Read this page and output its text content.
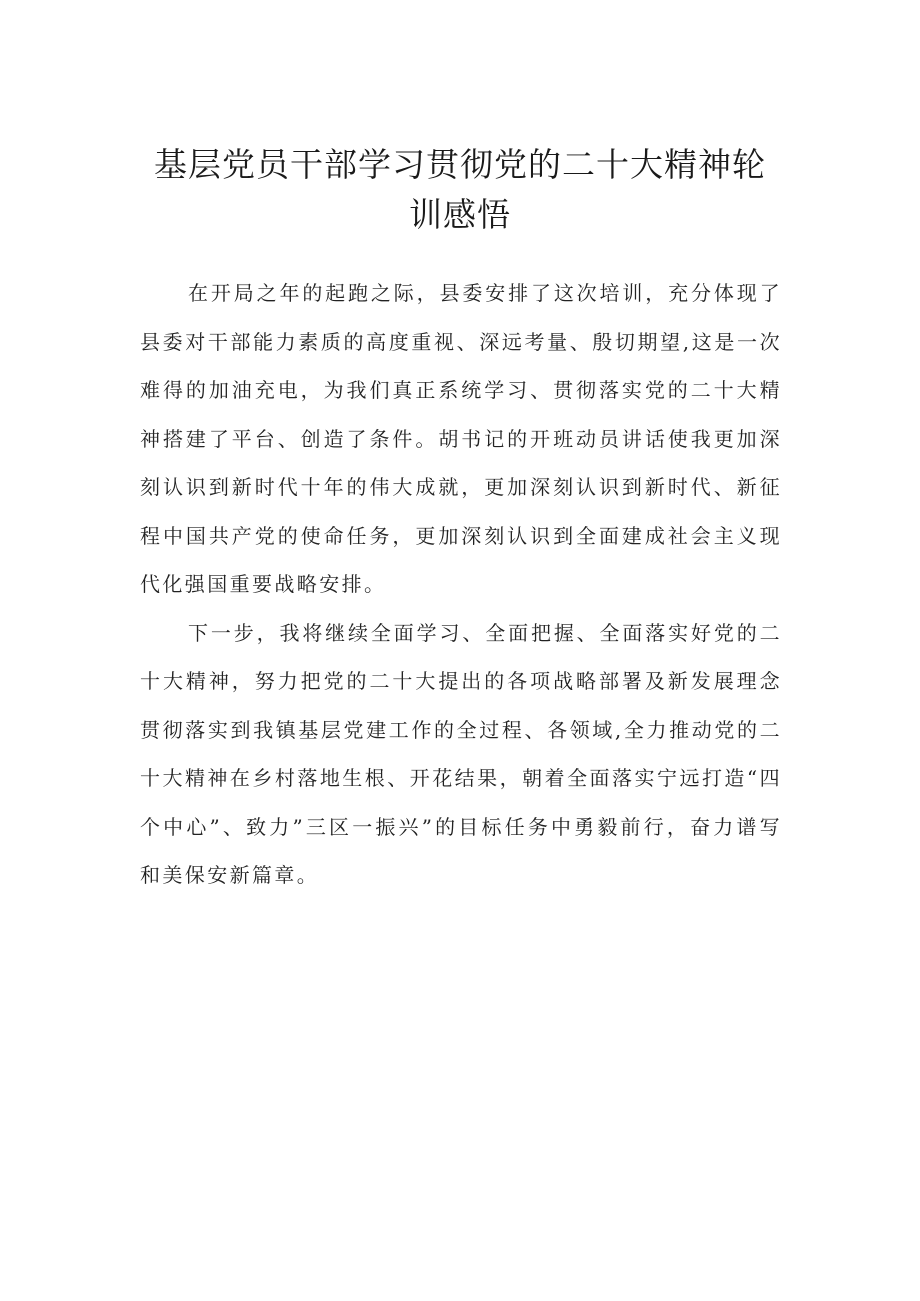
基层党员干部学习贯彻党的二十大精神轮训感悟

在开局之年的起跑之际，县委安排了这次培训，充分体现了县委对干部能力素质的高度重视、深远考量、殷切期望,这是一次难得的加油充电，为我们真正系统学习、贯彻落实党的二十大精神搭建了平台、创造了条件。胡书记的开班动员讲话使我更加深刻认识到新时代十年的伟大成就，更加深刻认识到新时代、新征程中国共产党的使命任务，更加深刻认识到全面建成社会主义现代化强国重要战略安排。

下一步，我将继续全面学习、全面把握、全面落实好党的二十大精神，努力把党的二十大提出的各项战略部署及新发展理念贯彻落实到我镇基层党建工作的全过程、各领域,全力推动党的二十大精神在乡村落地生根、开花结果，朝着全面落实宁远打造“四个中心”、致力”三区一振兴”的目标任务中勇毅前行，奋力谱写和美保安新篇章。
